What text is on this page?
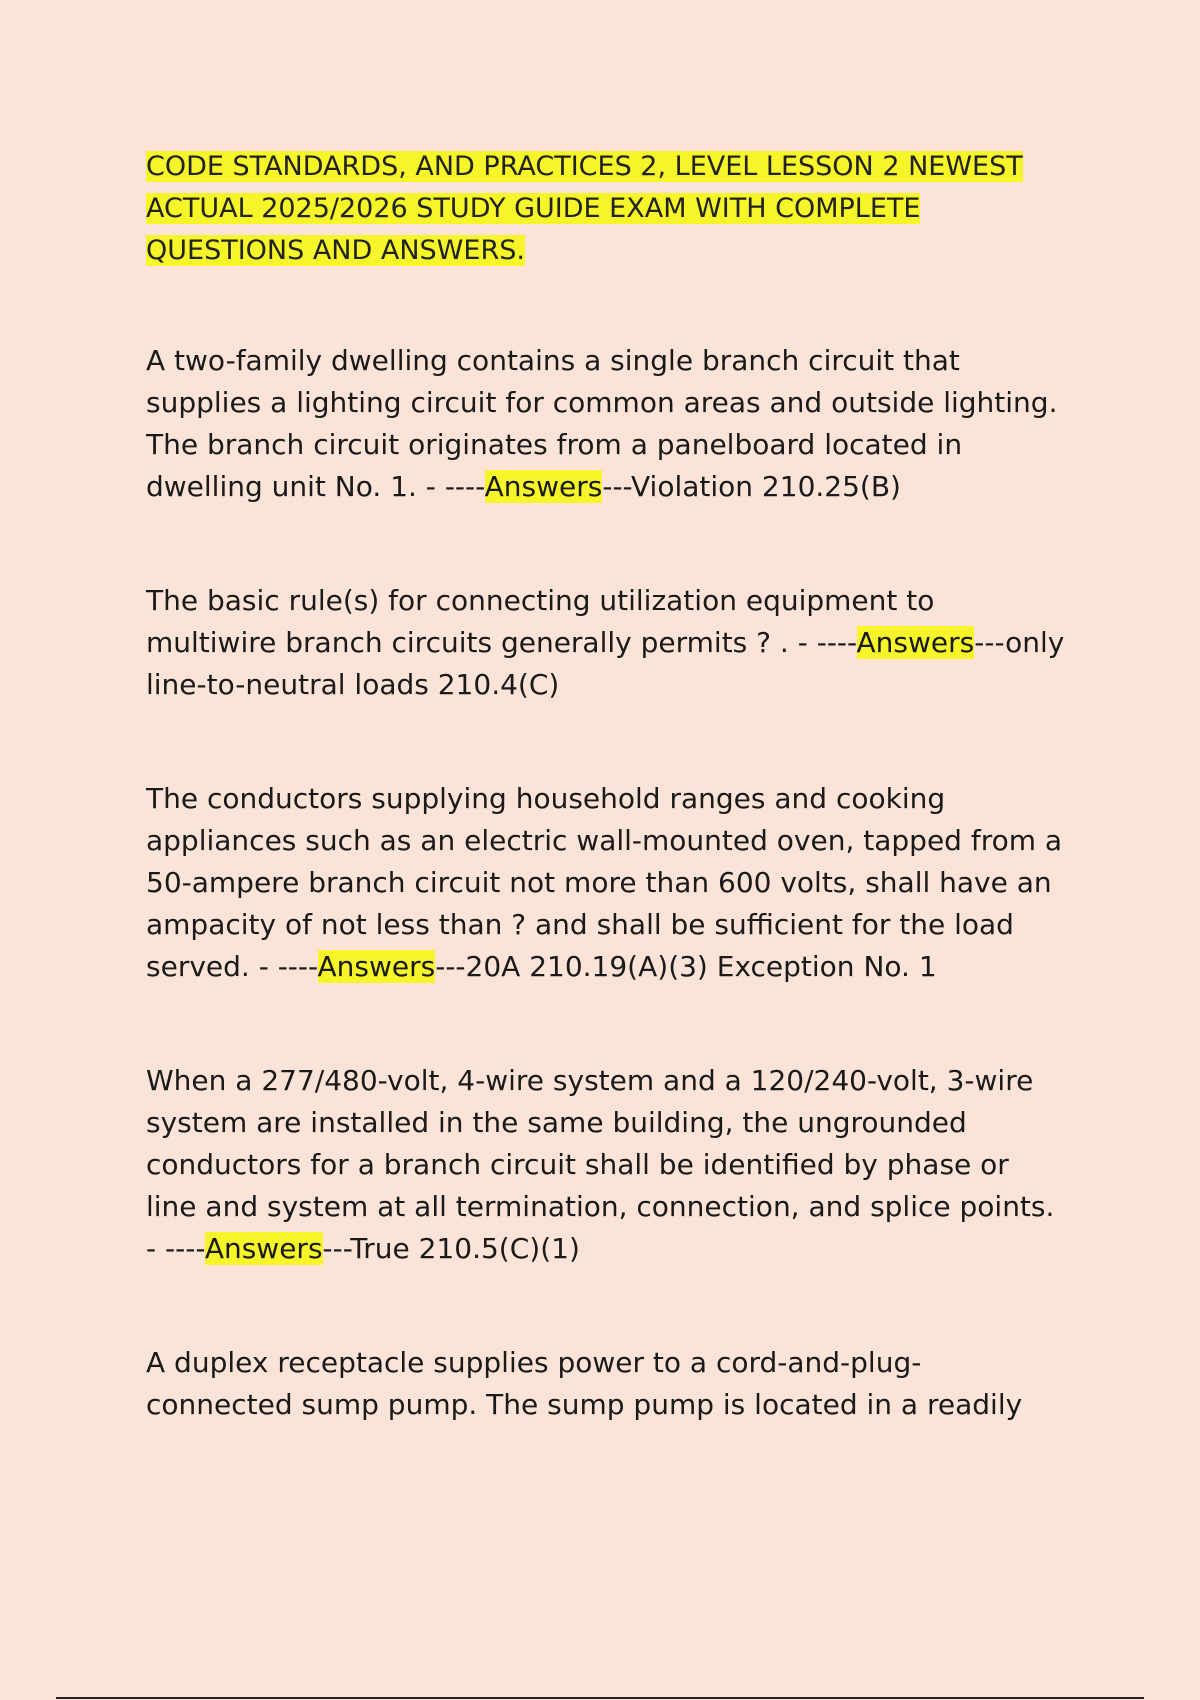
CODE STANDARDS, AND PRACTICES 2, LEVEL LESSON 2 NEWEST ACTUAL 2025/2026 STUDY GUIDE EXAM WITH COMPLETE QUESTIONS AND ANSWERS.

A two-family dwelling contains a single branch circuit that supplies a lighting circuit for common areas and outside lighting. The branch circuit originates from a panelboard located in dwelling unit No. 1. - ----Answers---Violation 210.25(B)

The basic rule(s) for connecting utilization equipment to multiwire branch circuits generally permits ? . - ----Answers---only line-to-neutral loads 210.4(C)

The conductors supplying household ranges and cooking appliances such as an electric wall-mounted oven, tapped from a 50-ampere branch circuit not more than 600 volts, shall have an ampacity of not less than ? and shall be sufficient for the load served. - ----Answers---20A 210.19(A)(3) Exception No. 1

When a 277/480-volt, 4-wire system and a 120/240-volt, 3-wire system are installed in the same building, the ungrounded conductors for a branch circuit shall be identified by phase or line and system at all termination, connection, and splice points. - ----Answers---True 210.5(C)(1)

A duplex receptacle supplies power to a cord-and-plug-connected sump pump. The sump pump is located in a readily
